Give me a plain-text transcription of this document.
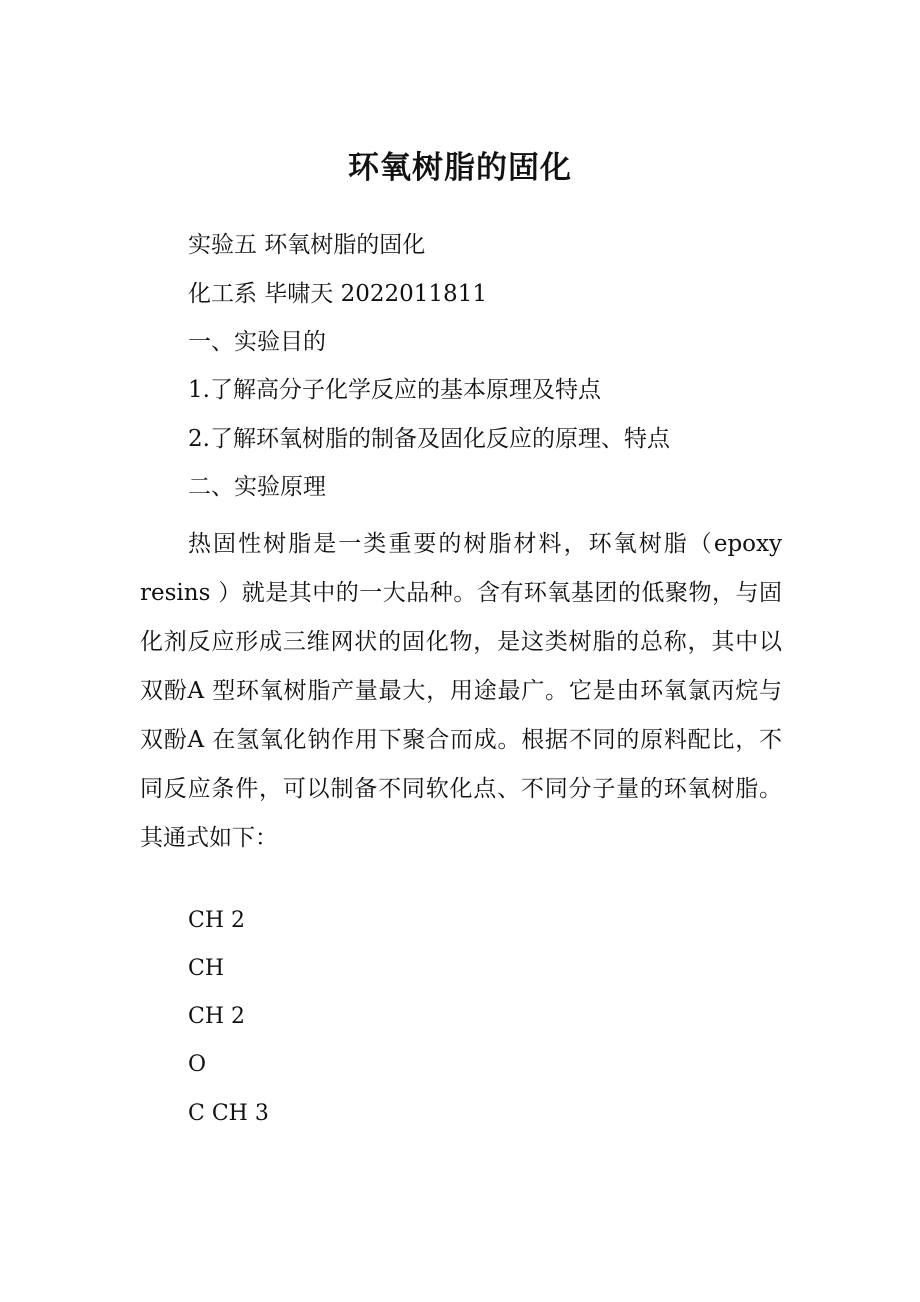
环氧树脂的固化
实验五 环氧树脂的固化
化工系 毕啸天 2022011811
一、实验目的
1.了解高分子化学反应的基本原理及特点
2.了解环氧树脂的制备及固化反应的原理、特点
二、实验原理

热固性树脂是一类重要的树脂材料，环氧树脂（epoxy resins ）就是其中的一大品种。含有环氧基团的低聚物，与固化剂反应形成三维网状的固化物，是这类树脂的总称，其中以双酚A 型环氧树脂产量最大，用途最广。它是由环氧氯丙烷与双酚A 在氢氧化钠作用下聚合而成。根据不同的原料配比，不同反应条件，可以制备不同软化点、不同分子量的环氧树脂。其通式如下：

CH 2
CH
CH 2
O
C CH 3
